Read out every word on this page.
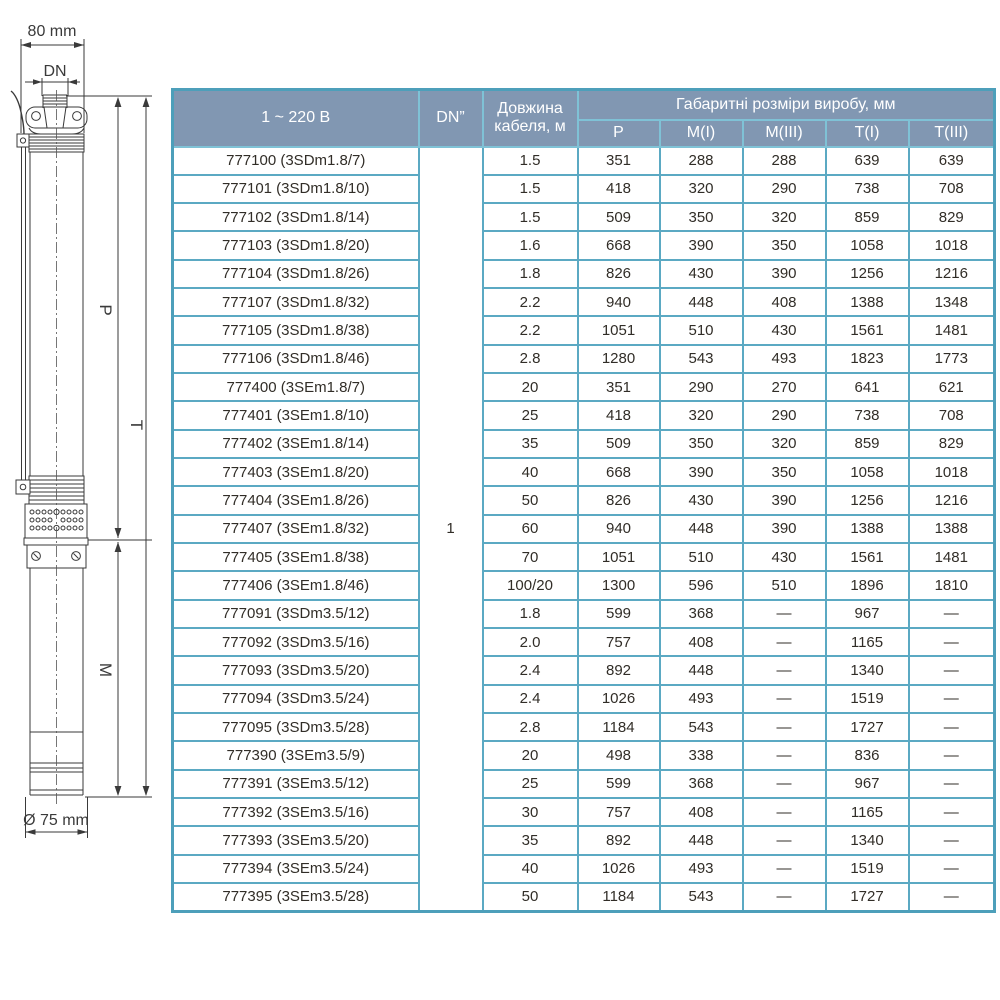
80 mm
DN
P
T
M
Ø 75 mm
1 ~ 220 В	DN”	Довжина кабеля, м	Габаритні розміри виробу, мм				
			P	M(I)	M(III)	T(I)	T(III)
777100 (3SDm1.8/7)	1	1.5	351	288	288	639	639
777101 (3SDm1.8/10)		1.5	418	320	290	738	708
777102 (3SDm1.8/14)		1.5	509	350	320	859	829
777103 (3SDm1.8/20)		1.6	668	390	350	1058	1018
777104 (3SDm1.8/26)		1.8	826	430	390	1256	1216
777107 (3SDm1.8/32)		2.2	940	448	408	1388	1348
777105 (3SDm1.8/38)		2.2	1051	510	430	1561	1481
777106 (3SDm1.8/46)		2.8	1280	543	493	1823	1773
777400 (3SEm1.8/7)		20	351	290	270	641	621
777401 (3SEm1.8/10)		25	418	320	290	738	708
777402 (3SEm1.8/14)		35	509	350	320	859	829
777403 (3SEm1.8/20)		40	668	390	350	1058	1018
777404 (3SEm1.8/26)		50	826	430	390	1256	1216
777407 (3SEm1.8/32)		60	940	448	390	1388	1388
777405 (3SEm1.8/38)		70	1051	510	430	1561	1481
777406 (3SEm1.8/46)		100/20	1300	596	510	1896	1810
777091 (3SDm3.5/12)		1.8	599	368	—	967	—
777092 (3SDm3.5/16)		2.0	757	408	—	1165	—
777093 (3SDm3.5/20)		2.4	892	448	—	1340	—
777094 (3SDm3.5/24)		2.4	1026	493	—	1519	—
777095 (3SDm3.5/28)		2.8	1184	543	—	1727	—
777390 (3SEm3.5/9)		20	498	338	—	836	—
777391 (3SEm3.5/12)		25	599	368	—	967	—
777392 (3SEm3.5/16)		30	757	408	—	1165	—
777393 (3SEm3.5/20)		35	892	448	—	1340	—
777394 (3SEm3.5/24)		40	1026	493	—	1519	—
777395 (3SEm3.5/28)		50	1184	543	—	1727	—
